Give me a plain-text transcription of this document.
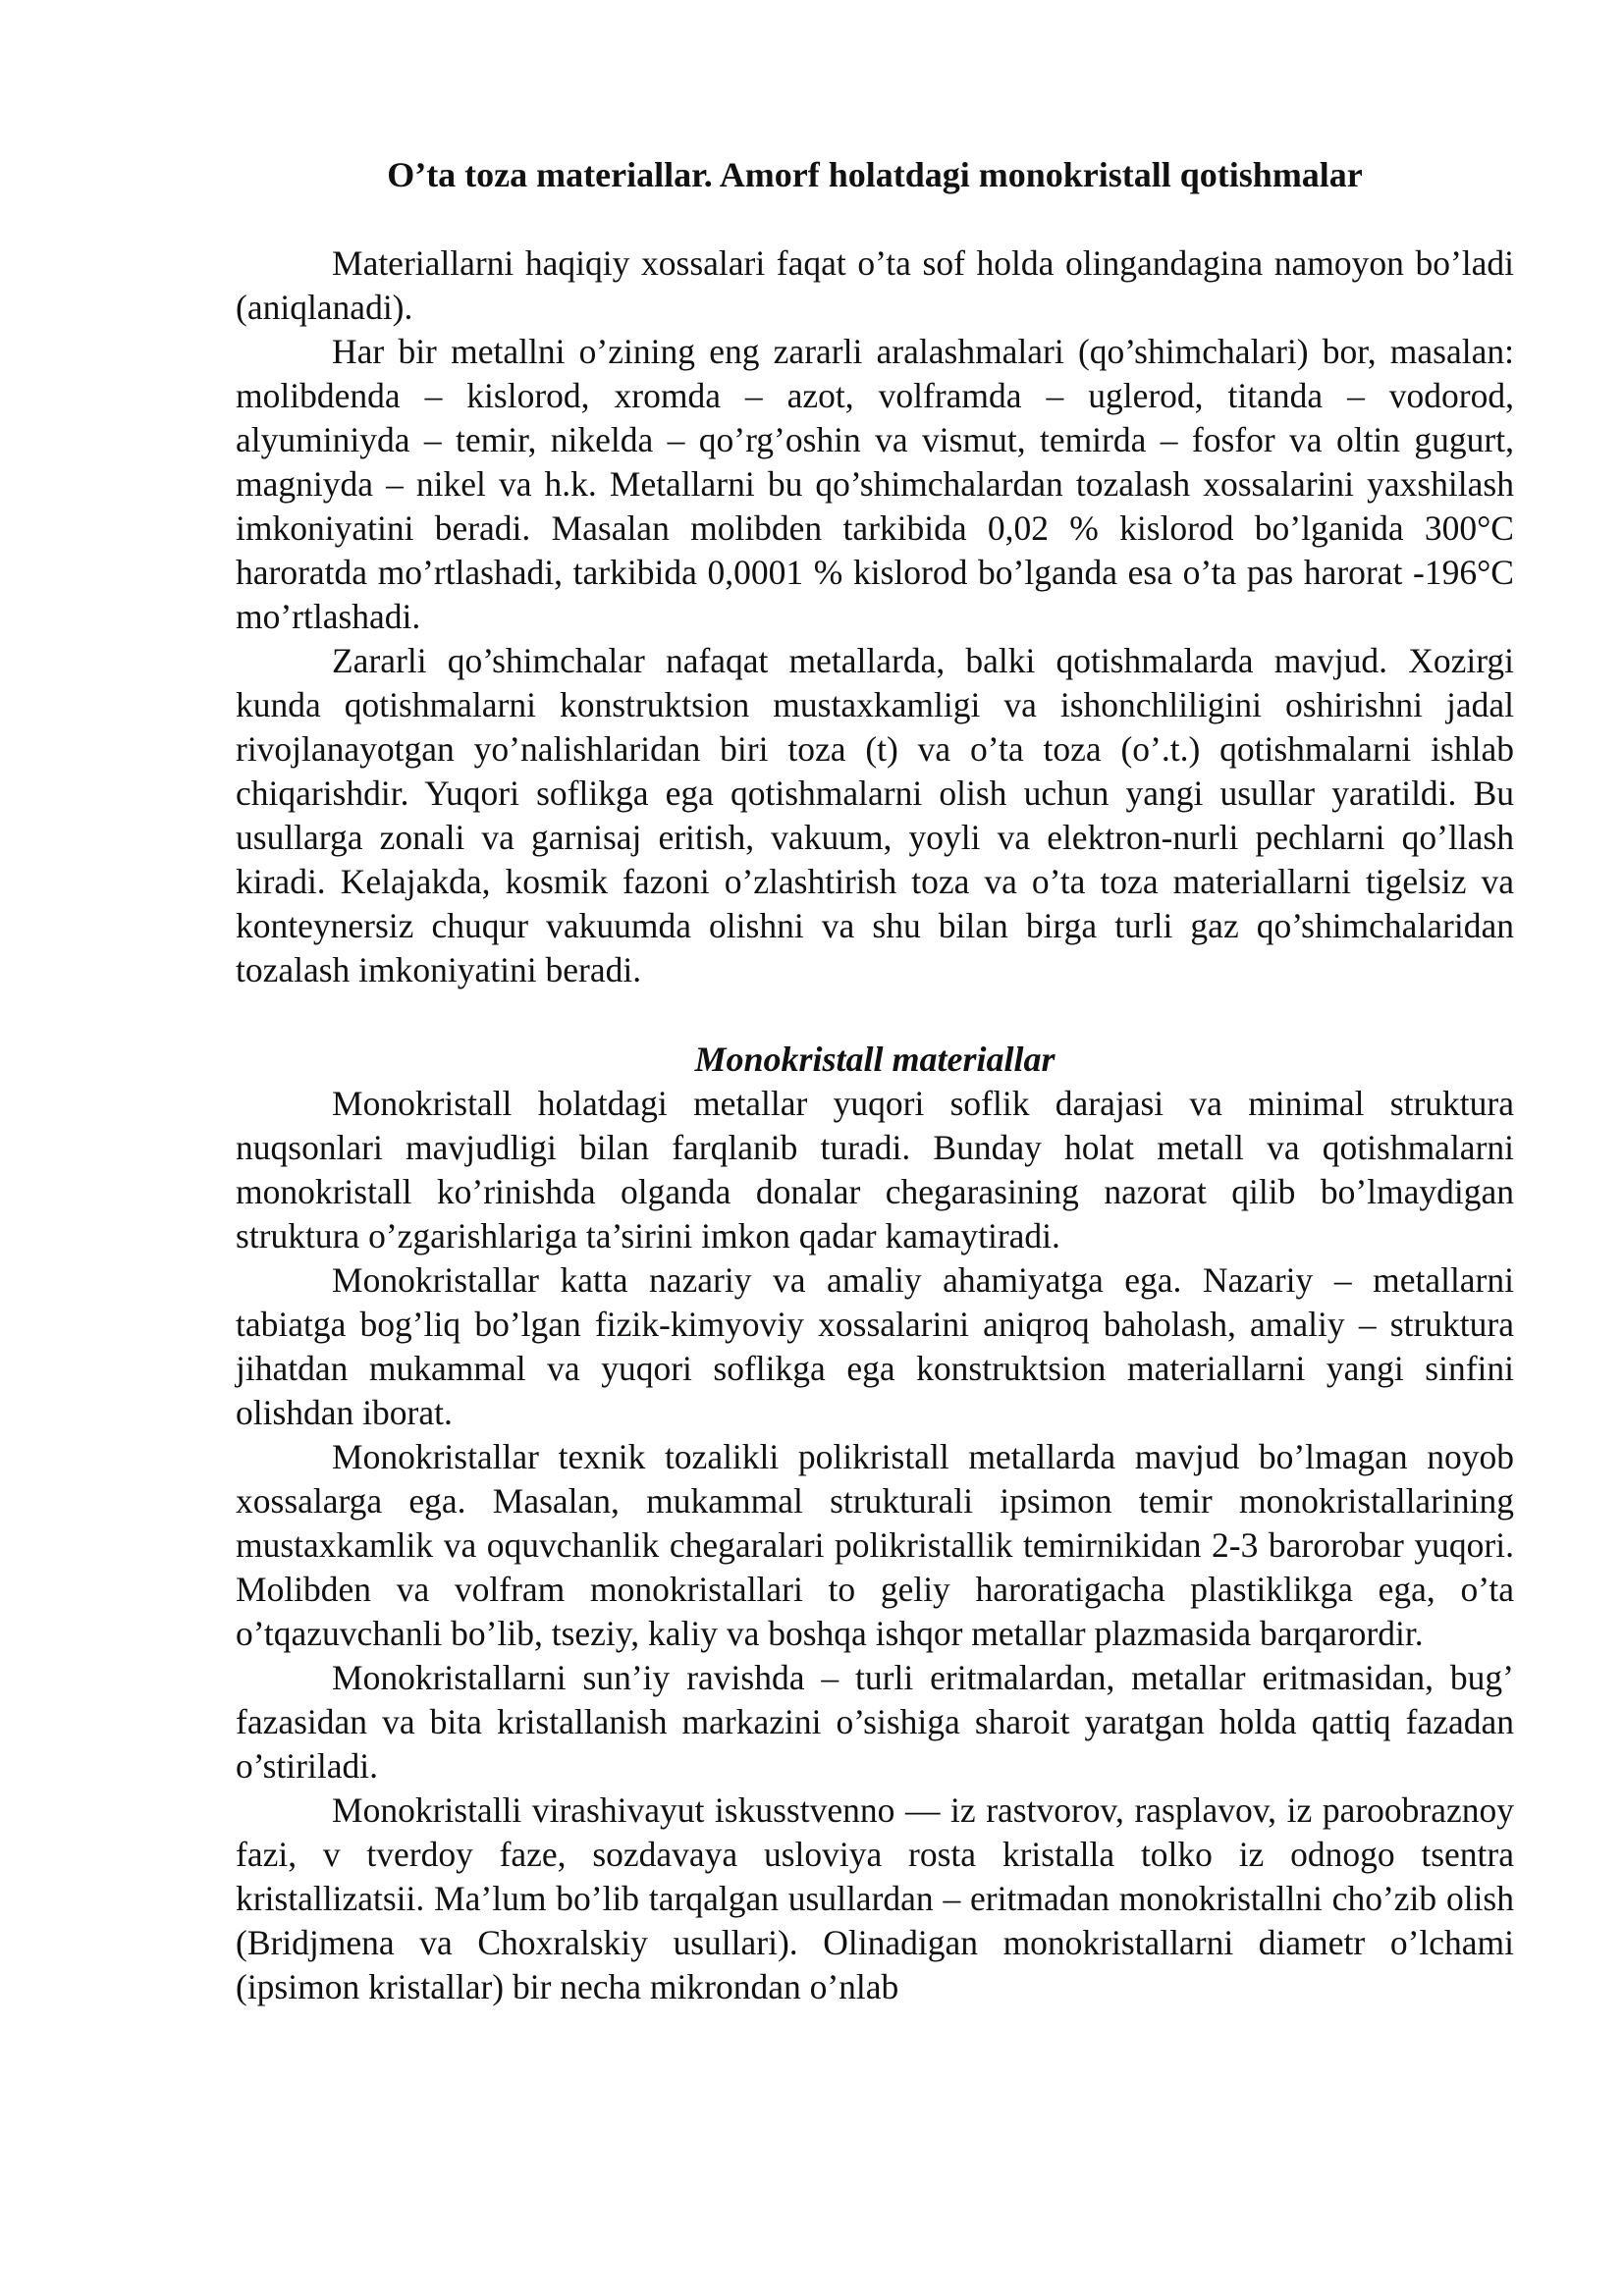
O’ta toza materiallar. Amorf holatdagi monokristall qotishmalar

Materiallarni haqiqiy xossalari faqat o’ta sof holda olingandagina namoyon bo’ladi (aniqlanadi).

Har bir metallni o’zining eng zararli aralashmalari (qo’shimchalari) bor, masalan: molibdenda – kislorod, xromda – azot, volframda – uglerod, titanda – vodorod, alyuminiyda – temir, nikelda – qo’rg’oshin va vismut, temirda – fosfor va oltin gugurt, magniyda – nikel va h.k. Metallarni bu qo’shimchalardan tozalash xossalarini yaxshilash imkoniyatini beradi. Masalan molibden tarkibida 0,02 % kislorod bo’lganida 300°C haroratda mo’rtlashadi, tarkibida 0,0001 % kislorod bo’lganda esa o’ta pas harorat -196°C mo’rtlashadi.

Zararli qo’shimchalar nafaqat metallarda, balki qotishmalarda mavjud. Xozirgi kunda qotishmalarni konstruktsion mustaxkamligi va ishonchliligini oshirishni jadal rivojlanayotgan yo’nalishlaridan biri toza (t) va o’ta toza (o’.t.) qotishmalarni ishlab chiqarishdir. Yuqori soflikga ega qotishmalarni olish uchun yangi usullar yaratildi. Bu usullarga zonali va garnisaj eritish, vakuum, yoyli va elektron-nurli pechlarni qo’llash kiradi. Kelajakda, kosmik fazoni o’zlashtirish toza va o’ta toza materiallarni tigelsiz va konteynersiz chuqur vakuumda olishni va shu bilan birga turli gaz qo’shimchalaridan tozalash imkoniyatini beradi.

Monokristall materiallar

Monokristall holatdagi metallar yuqori soflik darajasi va minimal struktura nuqsonlari mavjudligi bilan farqlanib turadi. Bunday holat metall va qotishmalarni monokristall ko’rinishda olganda donalar chegarasining nazorat qilib bo’lmaydigan struktura o’zgarishlariga ta’sirini imkon qadar kamaytiradi.

Monokristallar katta nazariy va amaliy ahamiyatga ega. Nazariy – metallarni tabiatga bog’liq bo’lgan fizik-kimyoviy xossalarini aniqroq baholash, amaliy – struktura jihatdan mukammal va yuqori soflikga ega konstruktsion materiallarni yangi sinfini olishdan iborat.

Monokristallar texnik tozalikli polikristall metallarda mavjud bo’lmagan noyob xossalarga ega. Masalan, mukammal strukturali ipsimon temir monokristallarining mustaxkamlik va oquvchanlik chegaralari polikristallik temirnikidan 2-3 barorobar yuqori. Molibden va volfram monokristallari to geliy haroratigacha plastiklikga ega, o’ta o’tqazuvchanli bo’lib, tseziy, kaliy va boshqa ishqor metallar plazmasida barqarordir.

Monokristallarni sun’iy ravishda – turli eritmalardan, metallar eritmasidan, bug’ fazasidan va bita kristallanish markazini o’sishiga sharoit yaratgan holda qattiq fazadan o’stiriladi.

Monokristalli virashivayut iskusstvenno — iz rastvorov, rasplavov, iz paroobraznoy fazi, v tverdoy faze, sozdavaya usloviya rosta kristalla tolko iz odnogo tsentra kristallizatsii. Ma’lum bo’lib tarqalgan usullardan – eritmadan monokristallni cho’zib olish (Bridjmena va Choxralskiy usullari). Olinadigan monokristallarni diametr o’lchami (ipsimon kristallar) bir necha mikrondan o’nlab
